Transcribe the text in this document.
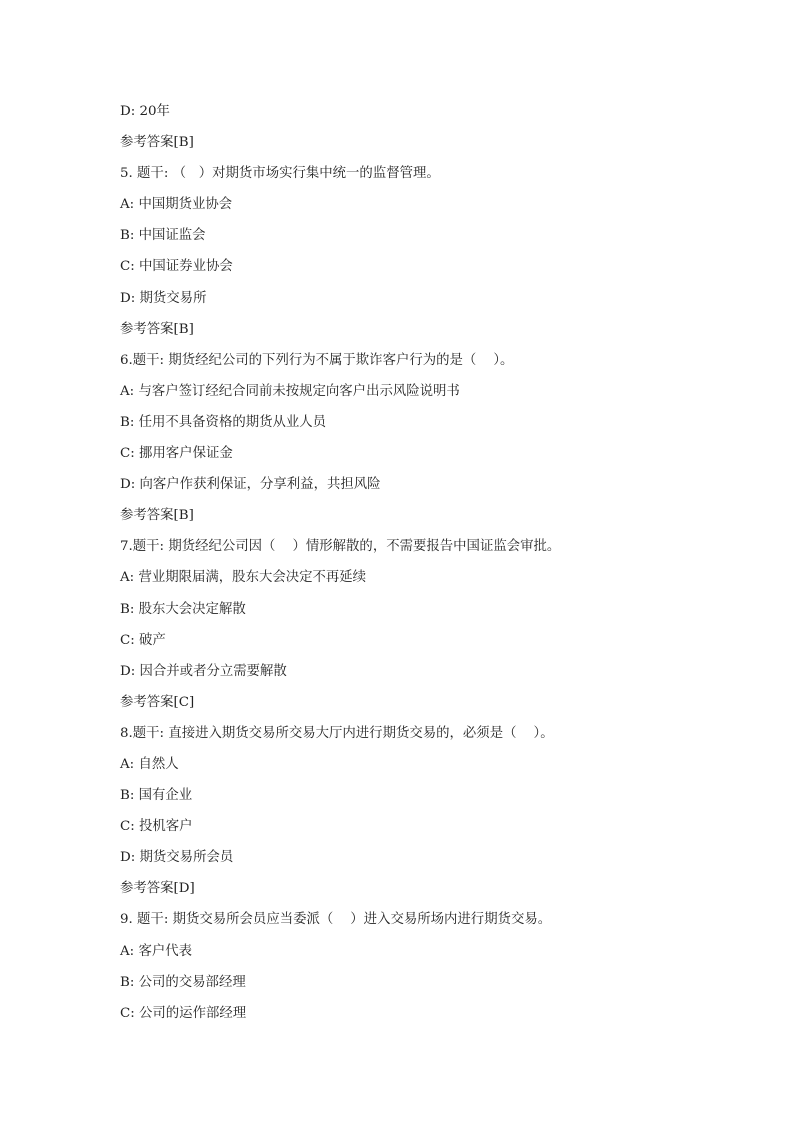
D: 20年
参考答案[B]
5. 题干: （   ）对期货市场实行集中统一的监督管理。
A: 中国期货业协会
B: 中国证监会
C: 中国证券业协会
D: 期货交易所
参考答案[B]
6.题干: 期货经纪公司的下列行为不属于欺诈客户行为的是（    ）。
A: 与客户签订经纪合同前未按规定向客户出示风险说明书
B: 任用不具备资格的期货从业人员
C: 挪用客户保证金
D: 向客户作获利保证，分享利益，共担风险
参考答案[B]
7.题干: 期货经纪公司因（    ）情形解散的，不需要报告中国证监会审批。
A: 营业期限届满，股东大会决定不再延续
B: 股东大会决定解散
C: 破产
D: 因合并或者分立需要解散
参考答案[C]
8.题干: 直接进入期货交易所交易大厅内进行期货交易的，必须是（    ）。
A: 自然人
B: 国有企业
C: 投机客户
D: 期货交易所会员
参考答案[D]
9. 题干: 期货交易所会员应当委派（    ）进入交易所场内进行期货交易。
A: 客户代表
B: 公司的交易部经理
C: 公司的运作部经理
